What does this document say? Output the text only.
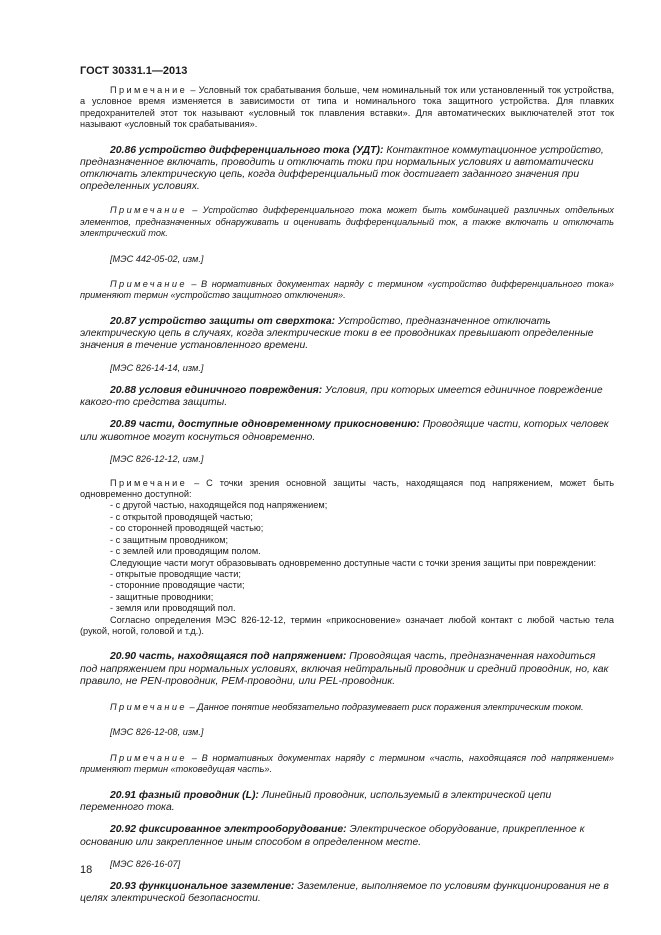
ГОСТ 30331.1—2013

Примечание – Условный ток срабатывания больше, чем номинальный ток или установленный ток устройства, а условное время изменяется в зависимости от типа и номинального тока защитного устройства. Для плавких предохранителей этот ток называют «условный ток плавления вставки». Для автоматических выключателей этот ток называют «условный ток срабатывания».

20.86 устройство дифференциального тока (УДТ): Контактное коммутационное устройство, предназначенное включать, проводить и отключать токи при нормальных условиях и автоматически отключать электрическую цепь, когда дифференциальный ток достигает заданного значения при определенных условиях.

Примечание – Устройство дифференциального тока может быть комбинацией различных отдельных элементов, предназначенных обнаруживать и оценивать дифференциальный ток, а также включать и отключать электрический ток.

[МЭС 442-05-02, изм.]

Примечание – В нормативных документах наряду с термином «устройство дифференциального тока» применяют термин «устройство защитного отключения».

20.87 устройство защиты от сверхтока: Устройство, предназначенное отключать электрическую цепь в случаях, когда электрические токи в ее проводниках превышают определенные значения в течение установленного времени.

[МЭС 826-14-14, изм.]

20.88 условия единичного повреждения: Условия, при которых имеется единичное повреждение какого-то средства защиты.

20.89 части, доступные одновременному прикосновению: Проводящие части, которых человек или животное могут коснуться одновременно.

[МЭС 826-12-12, изм.]

Примечание – С точки зрения основной защиты часть, находящаяся под напряжением, может быть одновременно доступной:

- с другой частью, находящейся под напряжением;

- с открытой проводящей частью;

- со сторонней проводящей частью;

- с защитным проводником;

- с землей или проводящим полом.

Следующие части могут образовывать одновременно доступные части с точки зрения защиты при повреждении:

- открытые проводящие части;

- сторонние проводящие части;

- защитные проводники;

- земля или проводящий пол.

Согласно определения МЭС 826-12-12, термин «прикосновение» означает любой контакт с любой частью тела (рукой, ногой, головой и т.д.).

20.90 часть, находящаяся под напряжением: Проводящая часть, предназначенная находиться под напряжением при нормальных условиях, включая нейтральный проводник и средний проводник, но, как правило, не PEN-проводник, PEM-проводни, или PEL-проводник.

Примечание – Данное понятие необязательно подразумевает риск поражения электрическим током.

[МЭС 826-12-08, изм.]

Примечание – В нормативных документах наряду с термином «часть, находящаяся под напряжением» применяют термин «токоведущая часть».

20.91 фазный проводник (L): Линейный проводник, используемый в электрической цепи переменного тока.

20.92 фиксированное электрооборудование: Электрическое оборудование, прикрепленное к основанию или закрепленное иным способом в определенном месте.

[МЭС 826-16-07]

20.93 функциональное заземление: Заземление, выполняемое по условиям функционирования не в целях электрической безопасности.

18
